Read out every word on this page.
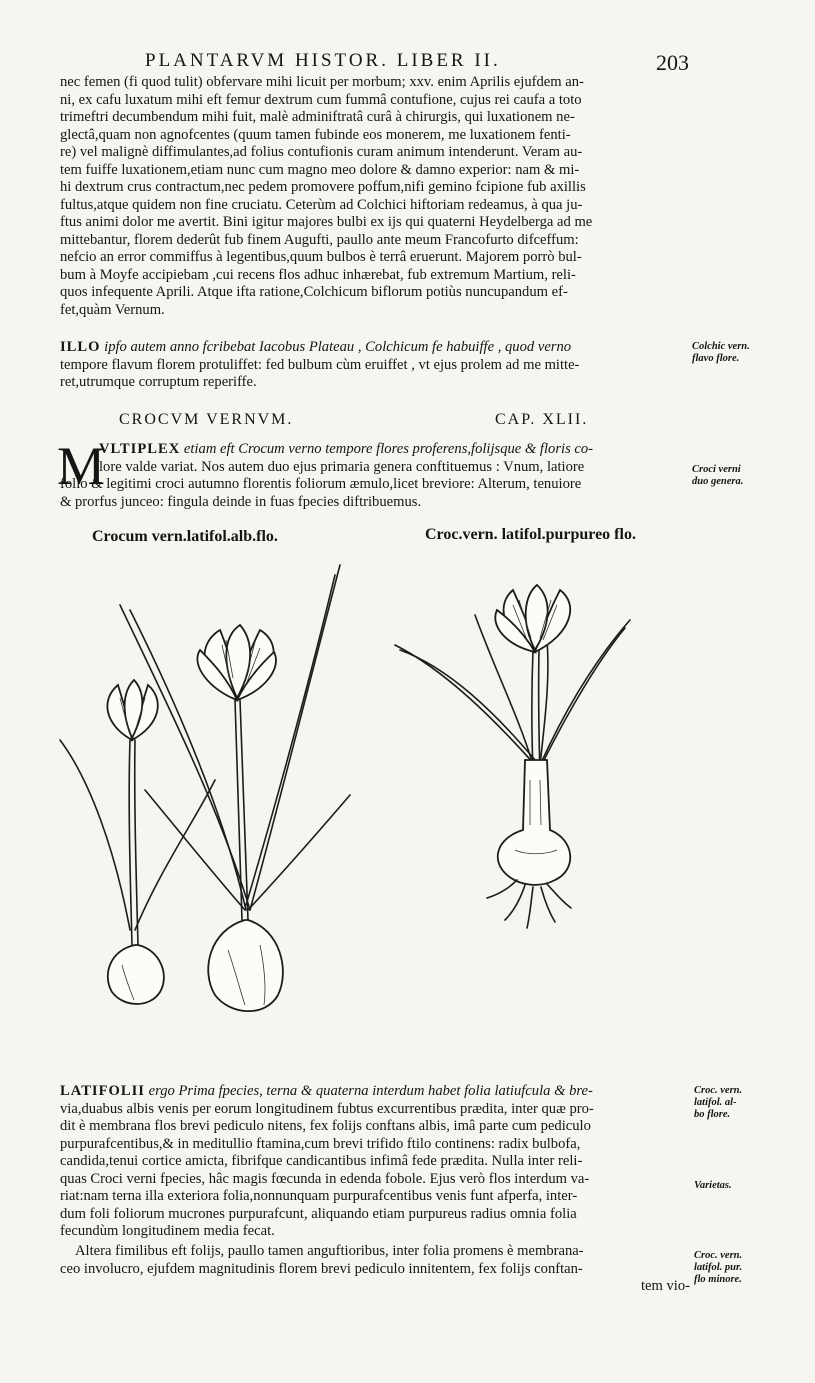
PLANTARVM HISTOR. LIBER II.	203
nec femen (fi quod tulit) obfervare mihi licuit per morbum; xxv. enim Aprilis ejufdem an-
ni, ex cafu luxatum mihi eft femur dextrum cum fummâ contufione, cujus rei caufa a toto
trimeftri decumbendum mihi fuit, malè adminiftratâ curâ à chirurgis, qui luxationem ne-
glectâ,quam non agnofcentes (quum tamen fubinde eos monerem, me luxationem fenti-
re) vel malignè diffimulantes,ad folius contufionis curam animum intenderunt. Veram au-
tem fuiffe luxationem,etiam nunc cum magno meo dolore & damno experior: nam & mi-
hi dextrum crus contractum,nec pedem promovere poffum,nifi gemino fcipione fub axillis
fultus,atque quidem non fine cruciatu. Ceterùm ad Colchici hiftoriam redeamus, à qua ju-
ftus animi dolor me avertit. Bini igitur majores bulbi ex ijs qui quaterni Heydelberga ad me
mittebantur, florem dederût fub finem Augufti, paullo ante meum Francofurto difceffum:
nefcio an error commiffus à legentibus,quum bulbos è terrâ eruerunt. Majorem porrò bul-
bum à Moyfe accipiebam ,cui recens flos adhuc inhærebat, fub extremum Martium, reli-
quos infequente Aprili. Atque ifta ratione,Colchicum biflorum potiùs nuncupandum ef-
fet,quàm Vernum.
ILLO ipfo autem anno fcribebat Iacobus Plateau , Colchicum fe habuiffe , quod verno
tempore flavum florem protuliffet: fed bulbum cùm eruiffet , vt ejus prolem ad me mitte-
ret,utrumque corruptum reperiffe.
Colchic vern.
flavo flore.
CROCVM VERNVM.	CAP. XLII.
M
VLTIPLEX etiam eft Crocum verno tempore flores proferens,folijsque & floris co-
lore valde variat. Nos autem duo ejus primaria genera conftituemus : Vnum, latiore
folio & legitimi croci autumno florentis foliorum æmulo,licet breviore: Alterum, tenuiore
& prorfus junceo: fingula deinde in fuas fpecies diftribuemus.
Croci verni
duo genera.
Crocum vern.latifol.alb.flo.	Croc.vern. latifol.purpureo flo.
LATIFOLII ergo Prima fpecies, terna & quaterna interdum habet folia latiufcula & bre-
via,duabus albis venis per eorum longitudinem fubtus excurrentibus prædita, inter quæ pro-
dit è membrana flos brevi pediculo nitens, fex folijs conftans albis, imâ parte cum pediculo
purpurafcentibus,& in meditullio ftamina,cum brevi trifido ftilo continens: radix bulbofa,
candida,tenui cortice amicta, fibrifque candicantibus infimâ fede prædita. Nulla inter reli-
quas Croci verni fpecies, hâc magis fœcunda in edenda fobole. Ejus verò flos interdum va-
riat:nam terna illa exteriora folia,nonnunquam purpurafcentibus venis funt afperfa, inter-
dum foli foliorum mucrones purpurafcunt, aliquando etiam purpureus radius omnia folia
fecundùm longitudinem media fecat.
Croc. vern.
latifol. al-
bo flore.
Varietas.
Altera fimilibus eft folijs, paullo tamen anguftioribus, inter folia promens è membrana-
ceo involucro, ejufdem magnitudinis florem brevi pediculo innitentem, fex folijs conftan-
tem vio-
Croc. vern.
latifol. pur.
flo minore.
